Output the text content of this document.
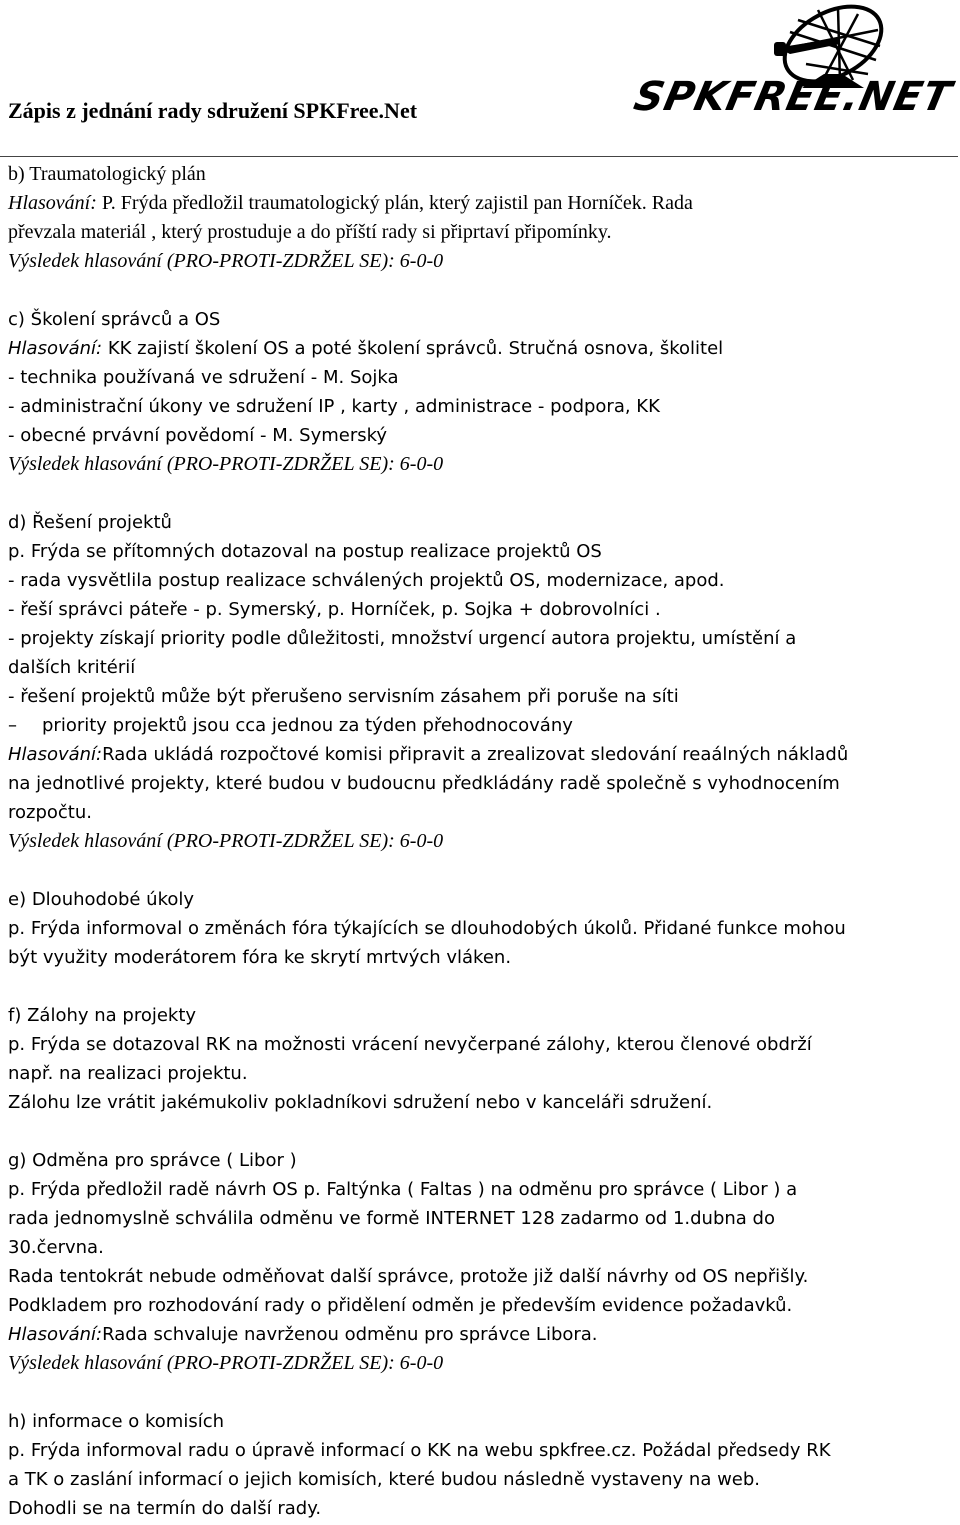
Zápis z jednání rady sdružení SPKFree.Net	SPKFREE.NET
b) Traumatologický plán
Hlasování: P. Frýda předložil traumatologický plán, který zajistil pan Horníček. Rada
převzala materiál , který prostuduje a do příští rady si připrtaví připomínky.
Výsledek hlasování (PRO-PROTI-ZDRŽEL SE): 6-0-0
c) Školení správců a OS
Hlasování: KK zajistí školení OS a poté školení správců. Stručná osnova, školitel
- technika používaná ve sdružení - M. Sojka
- administrační úkony ve sdružení IP , karty , administrace - podpora, KK
- obecné prvávní povědomí - M. Symerský
Výsledek hlasování (PRO-PROTI-ZDRŽEL SE): 6-0-0
d) Řešení projektů
p. Frýda se přítomných dotazoval na postup realizace projektů OS
- rada vysvětlila postup realizace schválených projektů OS, modernizace, apod.
- řeší správci páteře - p. Symerský, p. Horníček, p. Sojka + dobrovolníci .
- projekty získají priority podle důležitosti, množství urgencí autora projektu, umístění a
dalších kritérií
- řešení projektů může být přerušeno servisním zásahem při poruše na síti
– priority projektů jsou cca jednou za týden přehodnocovány
Hlasování:Rada ukládá rozpočtové komisi připravit a zrealizovat sledování reaálných nákladů
na jednotlivé projekty, které budou v budoucnu předkládány radě společně s vyhodnocením
rozpočtu.
Výsledek hlasování (PRO-PROTI-ZDRŽEL SE): 6-0-0
e) Dlouhodobé úkoly
p. Frýda informoval o změnách fóra týkajících se dlouhodobých úkolů. Přidané funkce mohou
být využity moderátorem fóra ke skrytí mrtvých vláken.
f) Zálohy na projekty
p. Frýda se dotazoval RK na možnosti vrácení nevyčerpané zálohy, kterou členové obdrží
např. na realizaci projektu.
Zálohu lze vrátit jakémukoliv pokladníkovi sdružení nebo v kanceláři sdružení.
g) Odměna pro správce ( Libor )
p. Frýda předložil radě návrh OS p. Faltýnka ( Faltas ) na odměnu pro správce ( Libor ) a
rada jednomyslně schválila odměnu ve formě INTERNET 128 zadarmo od 1.dubna do
30.června.
Rada tentokrát nebude odměňovat další správce, protože již další návrhy od OS nepřišly.
Podkladem pro rozhodování rady o přidělení odměn je především evidence požadavků.
Hlasování:Rada schvaluje navrženou odměnu pro správce Libora.
Výsledek hlasování (PRO-PROTI-ZDRŽEL SE): 6-0-0
h) informace o komisích
p. Frýda informoval radu o úpravě informací o KK na webu spkfree.cz. Požádal předsedy RK
a TK o zaslání informací o jejich komisích, které budou následně vystaveny na web.
Dohodli se na termín do další rady.
